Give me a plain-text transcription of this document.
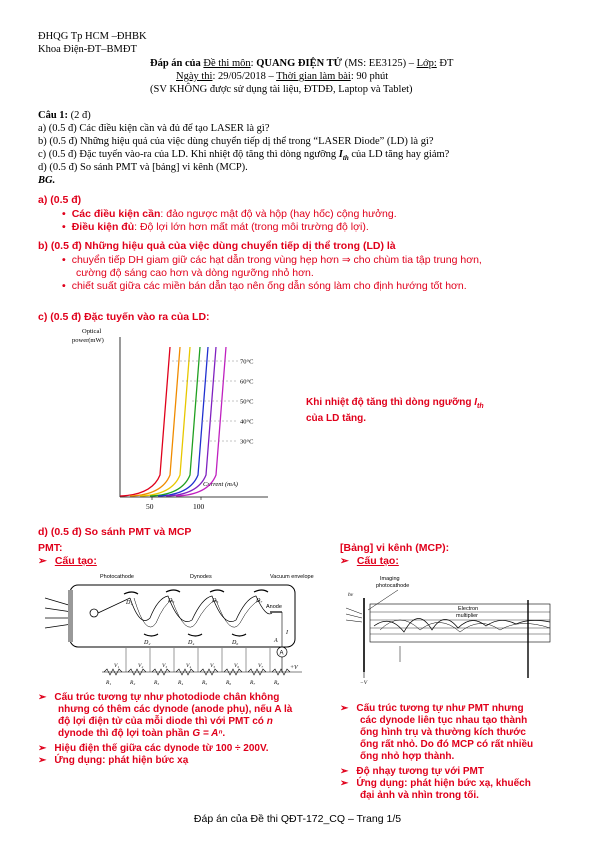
ĐHQG Tp HCM –ĐHBK
Khoa Điện-ĐT–BMĐT
Đáp án của Đề thi môn: QUANG ĐIỆN TỬ (MS: EE3125) – Lớp: ĐT
Ngày thi: 29/05/2018 – Thời gian làm bài: 90 phút
(SV KHÔNG được sử dụng tài liệu, ĐTDĐ, Laptop và Tablet)
Câu 1: (2 đ)
a) (0.5 đ) Các điều kiện cần và đủ để tạo LASER là gì?
b) (0.5 đ) Những hiệu quả của việc dùng chuyển tiếp dị thể trong “LASER Diode” (LD) là gì?
c) (0.5 đ) Đặc tuyến vào-ra của LD. Khi nhiệt độ tăng thì dòng ngưỡng $I_{th}$ của LD tăng hay giảm?
d) (0.5 đ) So sánh PMT và [bảng] vi kênh (MCP).
BG.
a) (0.5 đ)
• Các điều kiện cần: đảo ngược mật độ và hộp (hay hốc) cộng hưởng.
• Điều kiện đủ: Độ lợi lớn hơn mất mát (trong môi trường độ lợi).
b) (0.5 đ) Những hiệu quả của việc dùng chuyển tiếp dị thể trong (LD) là
• chuyển tiếp DH giam giữ các hạt dẫn trong vùng hẹp hơn ⇒ cho chùm tia tập trung hơn,
cường độ sáng cao hơn và dòng ngưỡng nhỏ hơn.
• chiết suất giữa các miền bán dẫn tạo nên ống dẫn sóng làm cho định hướng tốt hơn.
c) (0.5 đ) Đặc tuyến vào ra của LD:
Optical
power(mW)
50	100
Current (mA)
70°C
60°C
50°C
40°C
30°C
Khi nhiệt độ tăng thì dòng ngưỡng $I_{th}$
của LD tăng.
d) (0.5 đ) So sánh PMT và MCP
PMT:
➢ Cấu tạo:
Photocathode	Dynodes	Vacuum envelope
Anode
D₁
D₂
D₃
D₄
D₅
D₆
D₇
A
I
A
+V
V₁	V₂	V₃	V₄	V₅	V₆	V₇
R₁	R₂	R₃	R₄	R₅	R₆	R₇	R₈
➢ Cấu trúc tương tự như photodiode chân không
nhưng có thêm các dynode (anode phụ), nếu A là
độ lợi điện tử của mỗi diode thì với PMT có n
dynode thì độ lợi toàn phần G = Aⁿ.
➢ Hiệu điện thế giữa các dynode từ 100 ÷ 200V.
➢ Ứng dụng: phát hiện bức xạ
[Bảng] vi kênh (MCP):
➢ Cấu tạo:
Imaging
photocathode
Electron
multiplier
−V
hv
➢ Cấu trúc tương tự như PMT nhưng
các dynode liên tục nhau tạo thành
ống hình trụ và thường kích thước
ống rất nhỏ. Do đó MCP có rất nhiều
ống nhỏ hợp thành.
➢ Độ nhạy tương tự với PMT
➢ Ứng dụng: phát hiện bức xạ, khuếch
đại ảnh và nhìn trong tối.
Đáp án của Đề thi QĐT-172_CQ – Trang 1/5
